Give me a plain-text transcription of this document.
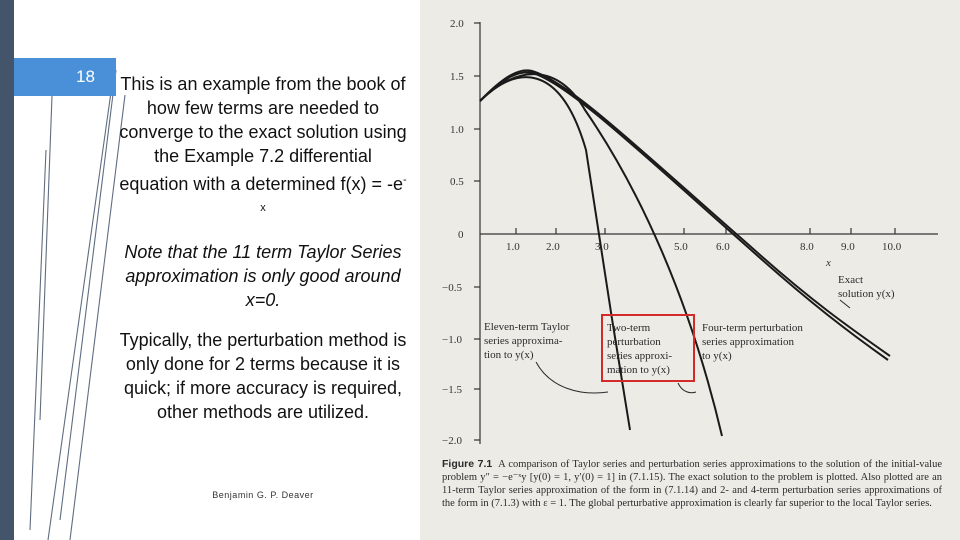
18 This is an example from the book of how few terms are needed to converge to the exact solution using the Example 7.2 differential equation with a determined $f(x) = -e^{-x}$

Note that the 11 term Taylor Series approximation is only good around x=0.

Typically, the perturbation method is only done for 2 terms because it is quick; if more accuracy is required, other methods are utilized.

Benjamin G. P. Deaver
2.0
1.5
1.0
0.5
0
−0.5
−1.0
−1.5
−2.0
1.0 2.0	3.0	5.0	6.0	8.0 9.0 10.0
x
Exact
solution y(x)
Eleven-term Taylor
series approxima-
tion to y(x)
Two-term
perturbation
series approxi-
mation to y(x)
Four-term perturbation
series approximation
to y(x)
Figure 7.1 A comparison of Taylor series and perturbation series approximations to the solution of the initial-value problem y″ = −e⁻ˣy [y(0) = 1, y′(0) = 1] in (7.1.15). The exact solution to the problem is plotted. Also plotted are an 11-term Taylor series approximation of the form in (7.1.14) and 2- and 4-term perturbation series approximations of the form in (7.1.3) with ε = 1. The global perturbative approximation is clearly far superior to the local Taylor series.
